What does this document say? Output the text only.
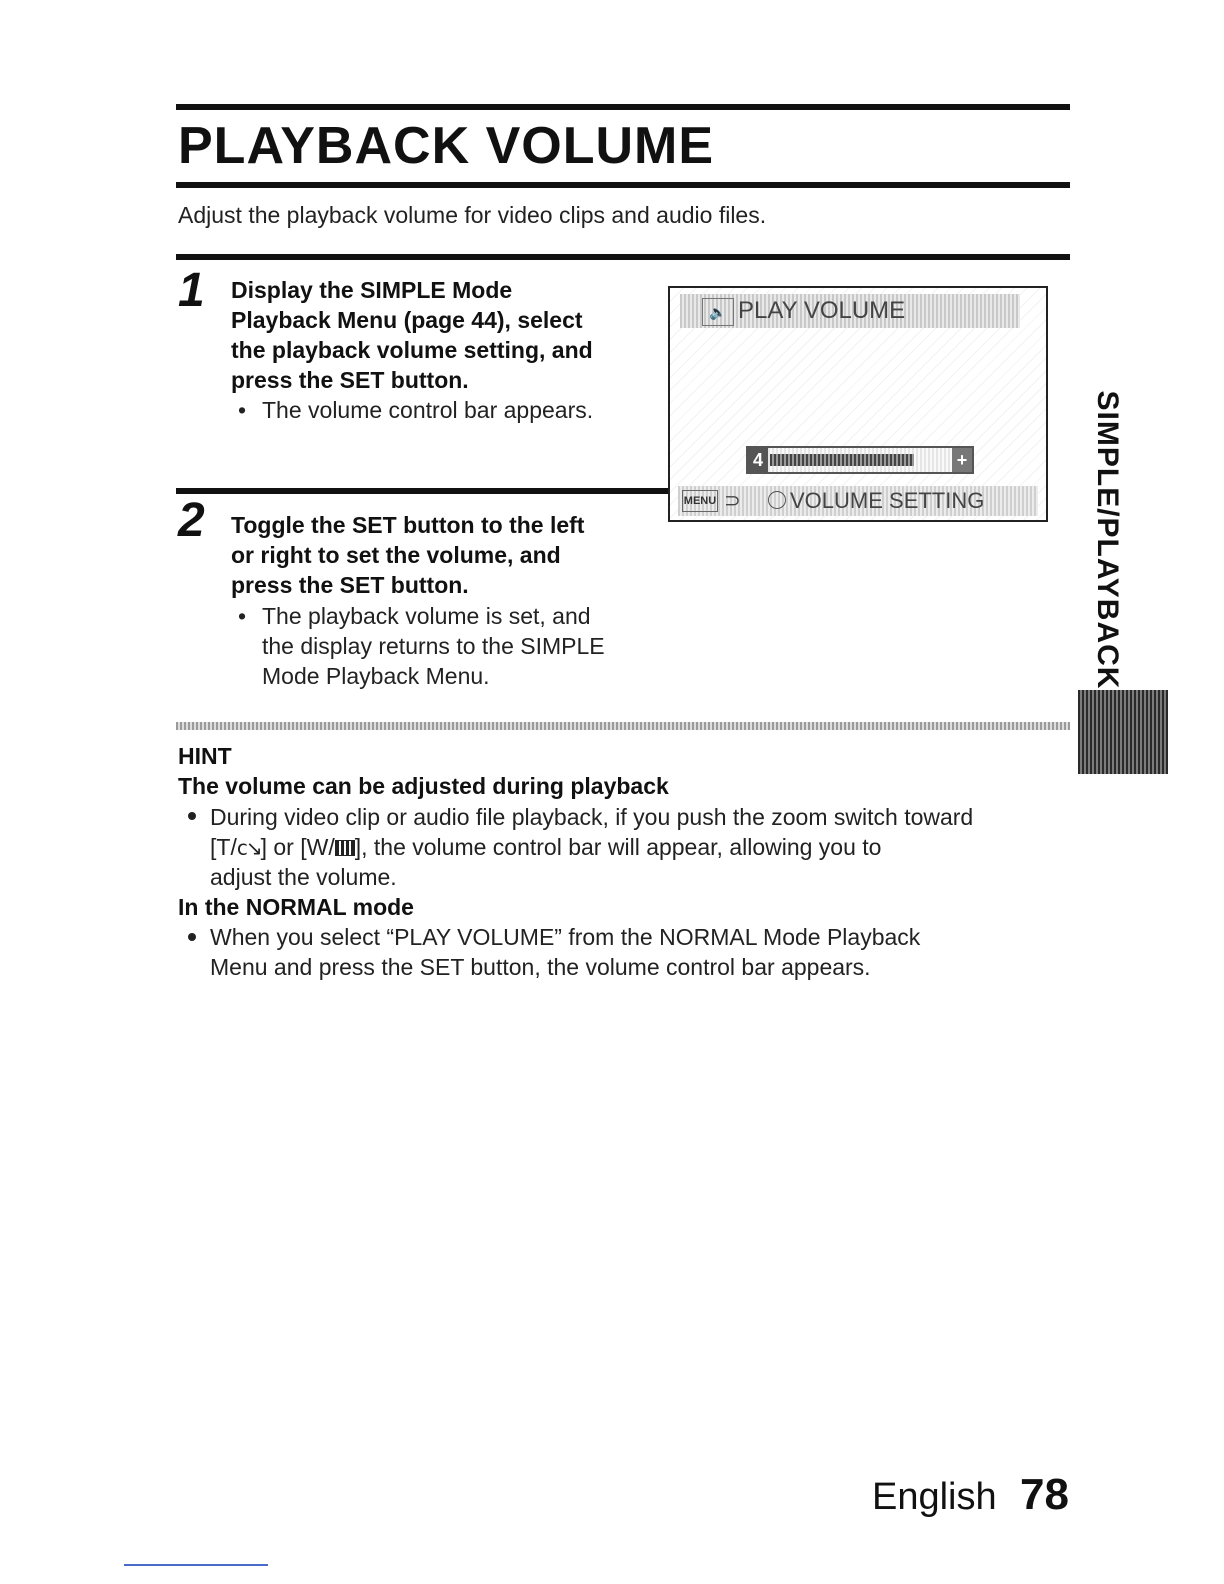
PLAYBACK VOLUME
Adjust the playback volume for video clips and audio files.
1 Display the SIMPLE Mode
Playback Menu (page 44), select
the playback volume setting, and
press the SET button.
• The volume control bar appears.
2 Toggle the SET button to the left
or right to set the volume, and
press the SET button.
• The playback volume is set, and
the display returns to the SIMPLE
Mode Playback Menu.
🔈 PLAY VOLUME
4	+
MENU ⊃ VOLUME SETTING
HINT
The volume can be adjusted during playback
During video clip or audio file playback, if you push the zoom switch toward
[T/𝖼↘] or [W/ ], the volume control bar will appear, allowing you to
adjust the volume.
In the NORMAL mode
When you select “PLAY VOLUME” from the NORMAL Mode Playback
Menu and press the SET button, the volume control bar appears.
SIMPLE/PLAYBACK
English 78
